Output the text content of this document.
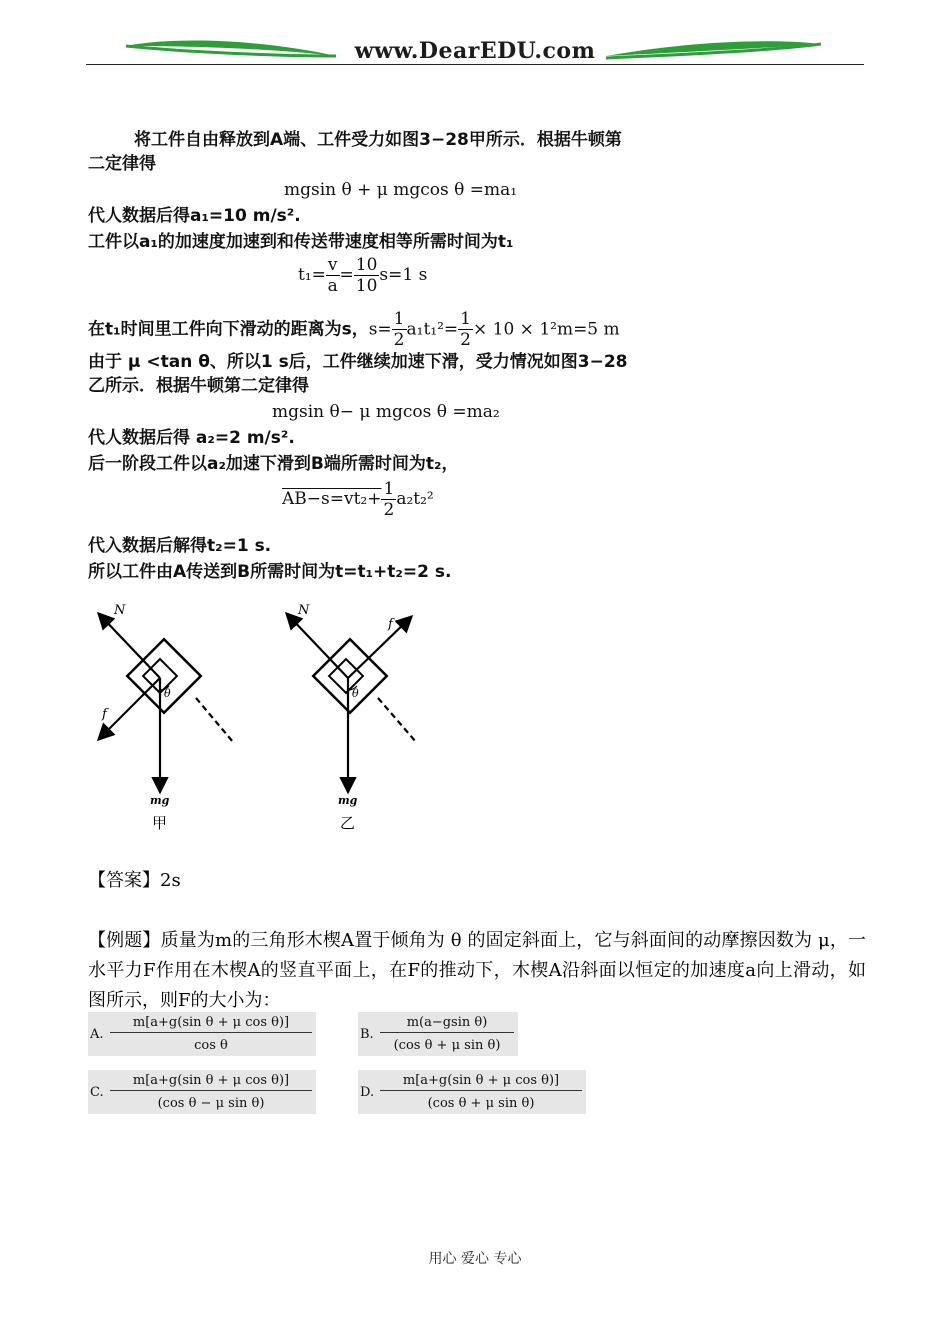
www.DearEDU.com
将工件自由释放到A端、工件受力如图3−28甲所示．根据牛顿第
二定律得
mgsin θ + μ mgcos θ =ma₁
代人数据后得a₁=10 m/s².
工件以a₁的加速度加速到和传送带速度相等所需时间为t₁
$t_1= \frac{v}{a} = \frac{10}{10} s=1$ s
在t₁时间里工件向下滑动的距离为s，$s= \frac{1}{2} a_1t_1^2= \frac{1}{2} \times 10 \times 1^2m=5$ m
由于 μ <tan θ、所以1 s后，工件继续加速下滑，受力情况如图3−28
乙所示．根据牛顿第二定律得
mgsin θ− μ mgcos θ =ma₂
代人数据后得 a₂=2 m/s².
后一阶段工件以a₂加速下滑到B端所需时间为t₂，
$AB-s=vt_2+ \frac{1}{2} a_2t_2^2$
代入数据后解得t₂=1 s.
所以工件由A传送到B所需时间为t=t₁+t₂=2 s.
N
f
θ
mg
甲
N
f
θ
mg
乙
【答案】2s
【例题】质量为m的三角形木楔A置于倾角为 θ 的固定斜面上，它与斜面间的动摩擦因数为 μ，一水平力F作用在木楔A的竖直平面上，在F的推动下，木楔A沿斜面以恒定的加速度a向上滑动，如图所示，则F的大小为：
A.
m[a+g(sin θ + μ cos θ)]
cos θ
B.
m(a−gsin θ)
(cos θ + μ sin θ)
C.
m[a+g(sin θ + μ cos θ)]
(cos θ − μ sin θ)
D.
m[a+g(sin θ + μ cos θ)]
(cos θ + μ sin θ)
用心 爱心 专心
